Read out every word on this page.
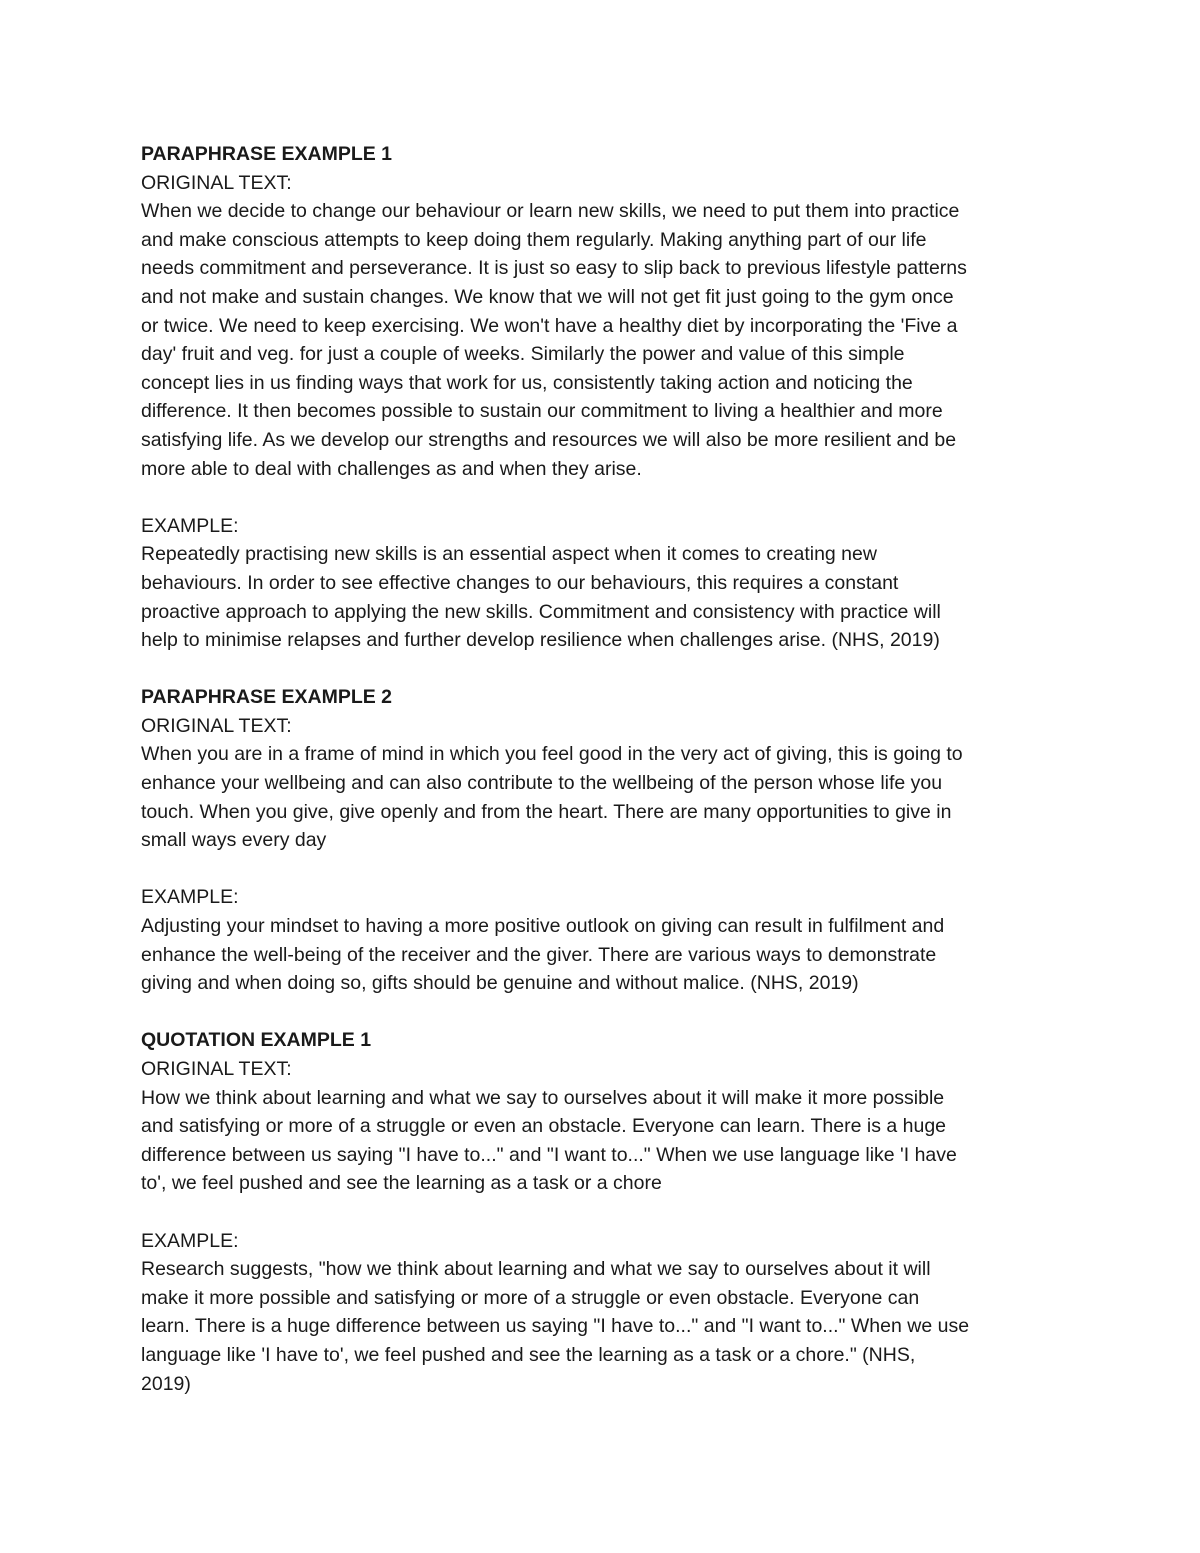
PARAPHRASE EXAMPLE 1
ORIGINAL TEXT:
When we decide to change our behaviour or learn new skills, we need to put them into practice
and make conscious attempts to keep doing them regularly. Making anything part of our life
needs commitment and perseverance. It is just so easy to slip back to previous lifestyle patterns
and not make and sustain changes. We know that we will not get fit just going to the gym once
or twice. We need to keep exercising. We won't have a healthy diet by incorporating the 'Five a
day' fruit and veg. for just a couple of weeks. Similarly the power and value of this simple
concept lies in us finding ways that work for us, consistently taking action and noticing the
difference. It then becomes possible to sustain our commitment to living a healthier and more
satisfying life. As we develop our strengths and resources we will also be more resilient and be
more able to deal with challenges as and when they arise.
EXAMPLE:
Repeatedly practising new skills is an essential aspect when it comes to creating new
behaviours. In order to see effective changes to our behaviours, this requires a constant
proactive approach to applying the new skills. Commitment and consistency with practice will
help to minimise relapses and further develop resilience when challenges arise. (NHS, 2019)
PARAPHRASE EXAMPLE 2
ORIGINAL TEXT:
When you are in a frame of mind in which you feel good in the very act of giving, this is going to
enhance your wellbeing and can also contribute to the wellbeing of the person whose life you
touch. When you give, give openly and from the heart. There are many opportunities to give in
small ways every day
EXAMPLE:
Adjusting your mindset to having a more positive outlook on giving can result in fulfilment and
enhance the well-being of the receiver and the giver. There are various ways to demonstrate
giving and when doing so, gifts should be genuine and without malice. (NHS, 2019)
QUOTATION EXAMPLE 1
ORIGINAL TEXT:
How we think about learning and what we say to ourselves about it will make it more possible
and satisfying or more of a struggle or even an obstacle. Everyone can learn. There is a huge
difference between us saying "I have to..." and "I want to..." When we use language like 'I have
to', we feel pushed and see the learning as a task or a chore
EXAMPLE:
Research suggests, "how we think about learning and what we say to ourselves about it will
make it more possible and satisfying or more of a struggle or even obstacle. Everyone can
learn. There is a huge difference between us saying "I have to..." and "I want to..." When we use
language like 'I have to', we feel pushed and see the learning as a task or a chore." (NHS,
2019)
